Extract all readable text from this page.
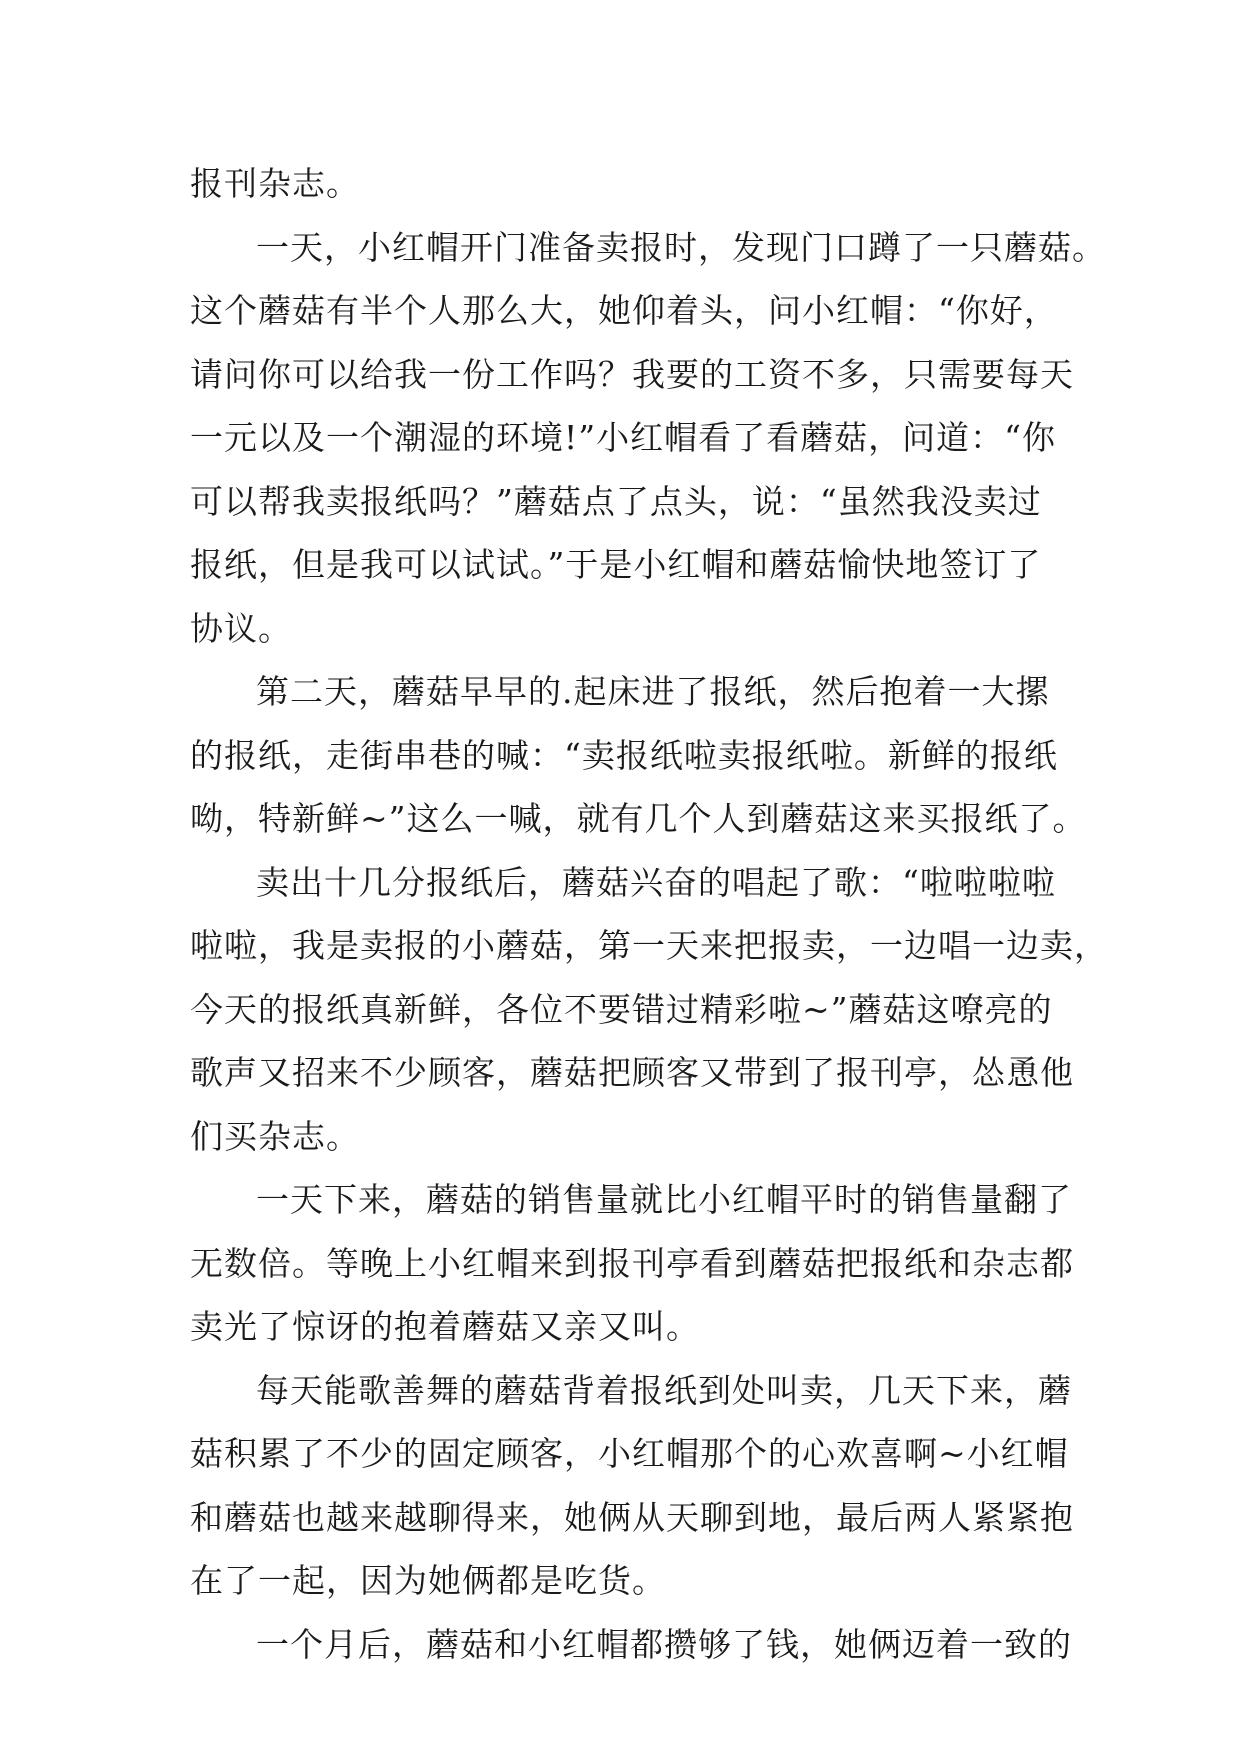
报刊杂志。
一天，小红帽开门准备卖报时，发现门口蹲了一只蘑菇。
这个蘑菇有半个人那么大，她仰着头，问小红帽：“你好，
请问你可以给我一份工作吗？我要的工资不多，只需要每天
一元以及一个潮湿的环境!”小红帽看了看蘑菇，问道：“你
可以帮我卖报纸吗？”蘑菇点了点头，说：“虽然我没卖过
报纸，但是我可以试试。”于是小红帽和蘑菇愉快地签订了
协议。
第二天，蘑菇早早的.起床进了报纸，然后抱着一大摞
的报纸，走街串巷的喊：“卖报纸啦卖报纸啦。新鲜的报纸
呦，特新鲜~”这么一喊，就有几个人到蘑菇这来买报纸了。
卖出十几分报纸后，蘑菇兴奋的唱起了歌：“啦啦啦啦
啦啦，我是卖报的小蘑菇，第一天来把报卖，一边唱一边卖，
今天的报纸真新鲜，各位不要错过精彩啦~”蘑菇这嘹亮的
歌声又招来不少顾客，蘑菇把顾客又带到了报刊亭，怂恿他
们买杂志。
一天下来，蘑菇的销售量就比小红帽平时的销售量翻了
无数倍。等晚上小红帽来到报刊亭看到蘑菇把报纸和杂志都
卖光了惊讶的抱着蘑菇又亲又叫。
每天能歌善舞的蘑菇背着报纸到处叫卖，几天下来，蘑
菇积累了不少的固定顾客，小红帽那个的心欢喜啊~小红帽
和蘑菇也越来越聊得来，她俩从天聊到地，最后两人紧紧抱
在了一起，因为她俩都是吃货。
一个月后，蘑菇和小红帽都攒够了钱，她俩迈着一致的
